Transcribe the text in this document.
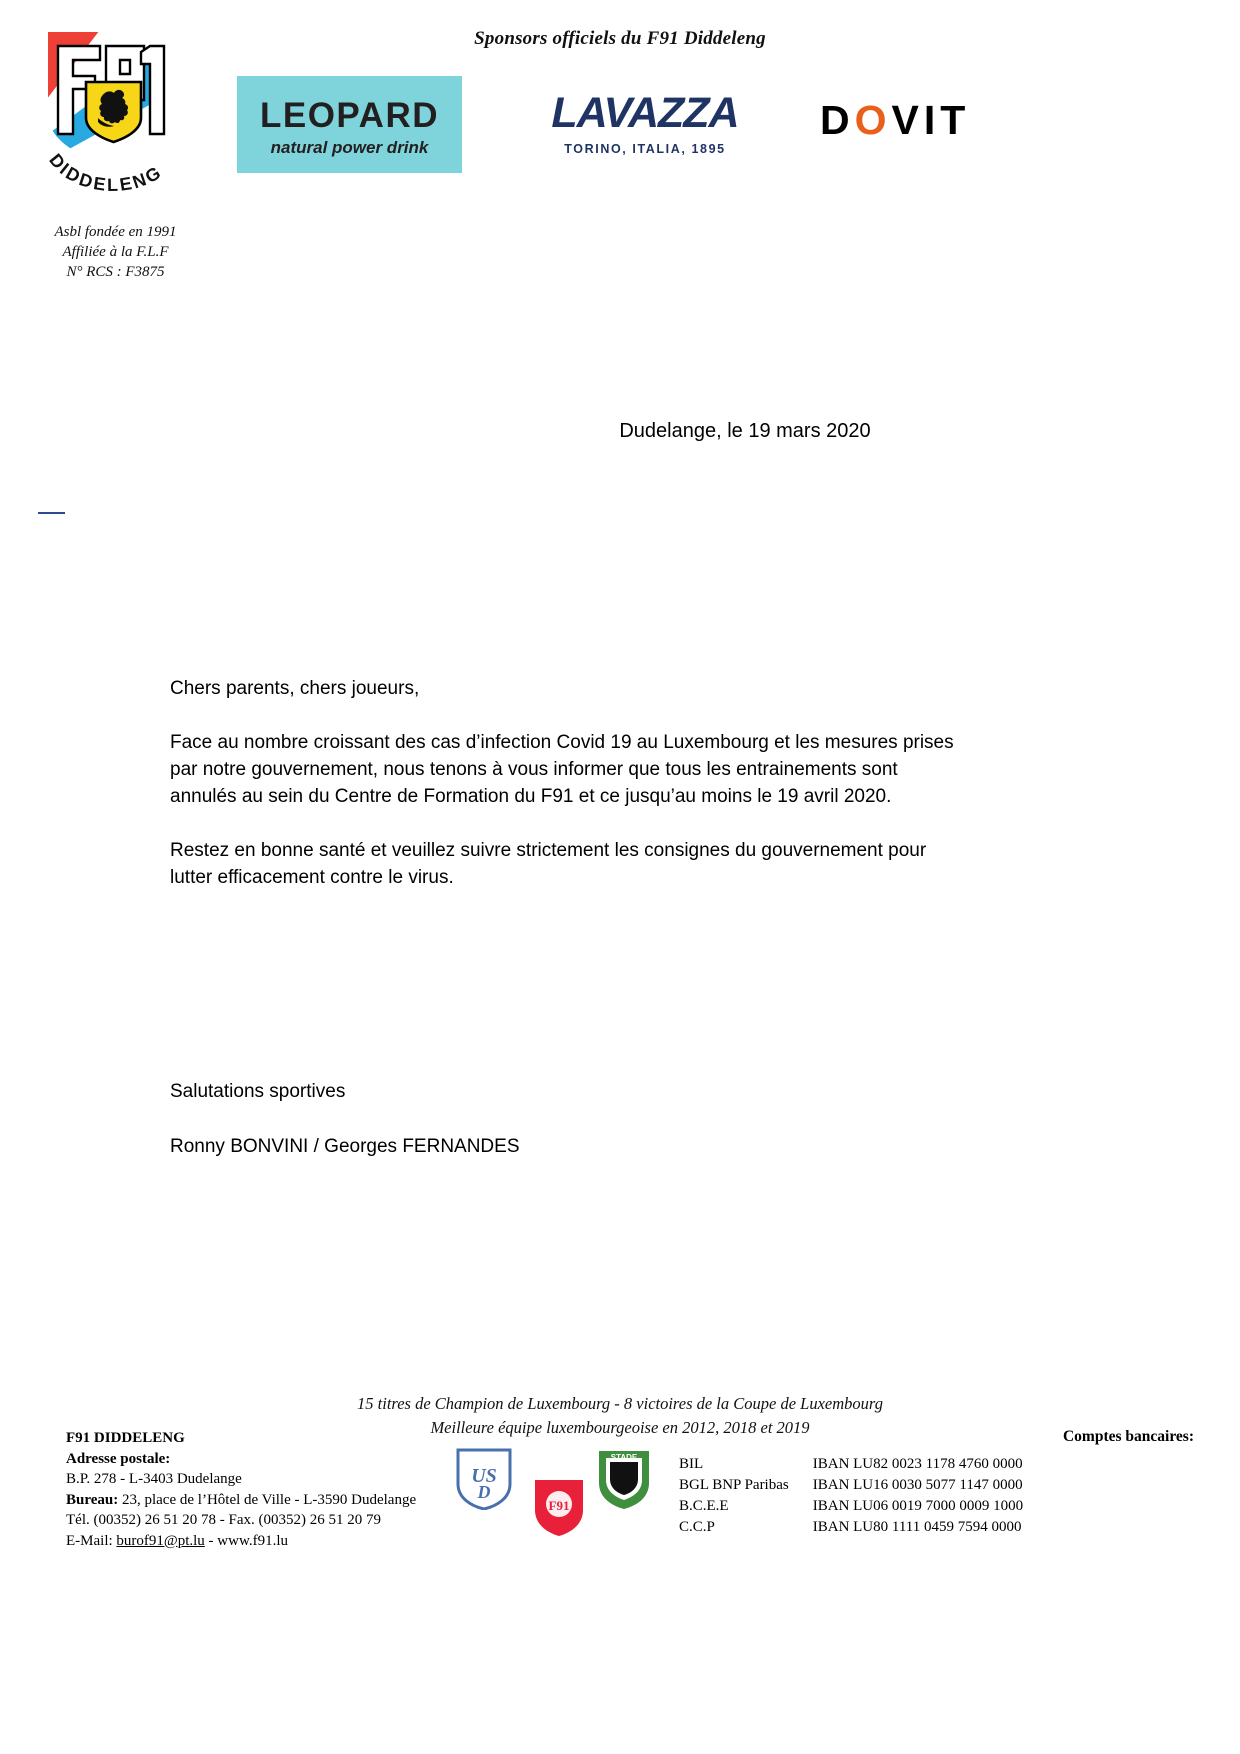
Sponsors officiels du F91 Diddeleng
DIDDELENG
Asbl fondée en 1991
Affiliée à la F.L.F
N° RCS : F3875
LEOPARD
natural power drink
LAVAZZA
TORINO, ITALIA, 1895
DOVIT
Dudelange, le 19 mars 2020

Chers parents, chers joueurs,

Face au nombre croissant des cas d’infection Covid 19 au Luxembourg et les mesures prises par notre gouvernement, nous tenons à vous informer que tous les entrainements sont annulés au sein du Centre de Formation du F91 et ce jusqu’au moins le 19 avril 2020.

Restez en bonne santé et veuillez suivre strictement les consignes du gouvernement pour lutter efficacement contre le virus.

Salutations sportives

Ronny BONVINI / Georges FERNANDES

15 titres de Champion de Luxembourg - 8 victoires de la Coupe de Luxembourg
Meilleure équipe luxembourgeoise en 2012, 2018 et 2019
F91 DIDDELENG
Adresse postale:
B.P. 278 - L-3403 Dudelange
Bureau: 23, place de l’Hôtel de Ville - L-3590 Dudelange
Tél. (00352) 26 51 20 78 - Fax. (00352) 26 51 20 79
E-Mail: burof91@pt.lu - www.f91.lu
US
D
F91
STADE
Comptes bancaires:
BIL	IBAN LU82 0023 1178 4760 0000
BGL BNP Paribas	IBAN LU16 0030 5077 1147 0000
B.C.E.E	IBAN LU06 0019 7000 0009 1000
C.C.P	IBAN LU80 1111 0459 7594 0000
